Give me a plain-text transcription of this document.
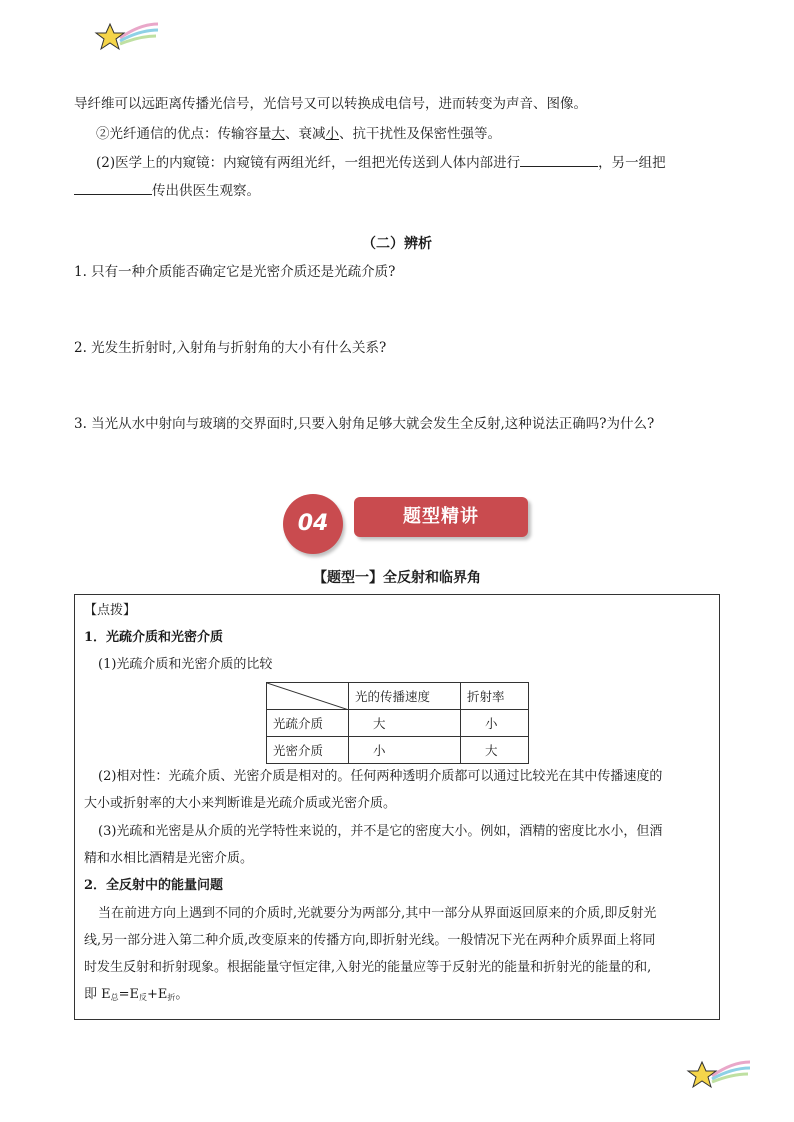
导纤维可以远距离传播光信号，光信号又可以转换成电信号，进而转变为声音、图像。
②光纤通信的优点：传输容量大、衰减小、抗干扰性及保密性强等。
(2)医学上的内窥镜：内窥镜有两组光纤，一组把光传送到人体内部进行	，另一组把
传出供医生观察。
（二）辨析
1. 只有一种介质能否确定它是光密介质还是光疏介质?
2. 光发生折射时,入射角与折射角的大小有什么关系?
3. 当光从水中射向与玻璃的交界面时,只要入射角足够大就会发生全反射,这种说法正确吗?为什么?
04	题型精讲
【题型一】全反射和临界角
【点拨】
1．光疏介质和光密介质
(1)光疏介质和光密介质的比较
	光的传播速度	折射率
光疏介质	大	小
光密介质	小	大
(2)相对性：光疏介质、光密介质是相对的。任何两种透明介质都可以通过比较光在其中传播速度的
大小或折射率的大小来判断谁是光疏介质或光密介质。
(3)光疏和光密是从介质的光学特性来说的，并不是它的密度大小。例如，酒精的密度比水小，但酒
精和水相比酒精是光密介质。
2．全反射中的能量问题
当在前进方向上遇到不同的介质时,光就要分为两部分,其中一部分从界面返回原来的介质,即反射光
线,另一部分进入第二种介质,改变原来的传播方向,即折射光线。一般情况下光在两种介质界面上将同
时发生反射和折射现象。根据能量守恒定律,入射光的能量应等于反射光的能量和折射光的能量的和,
即 $E_总=E_反+E_折$。
